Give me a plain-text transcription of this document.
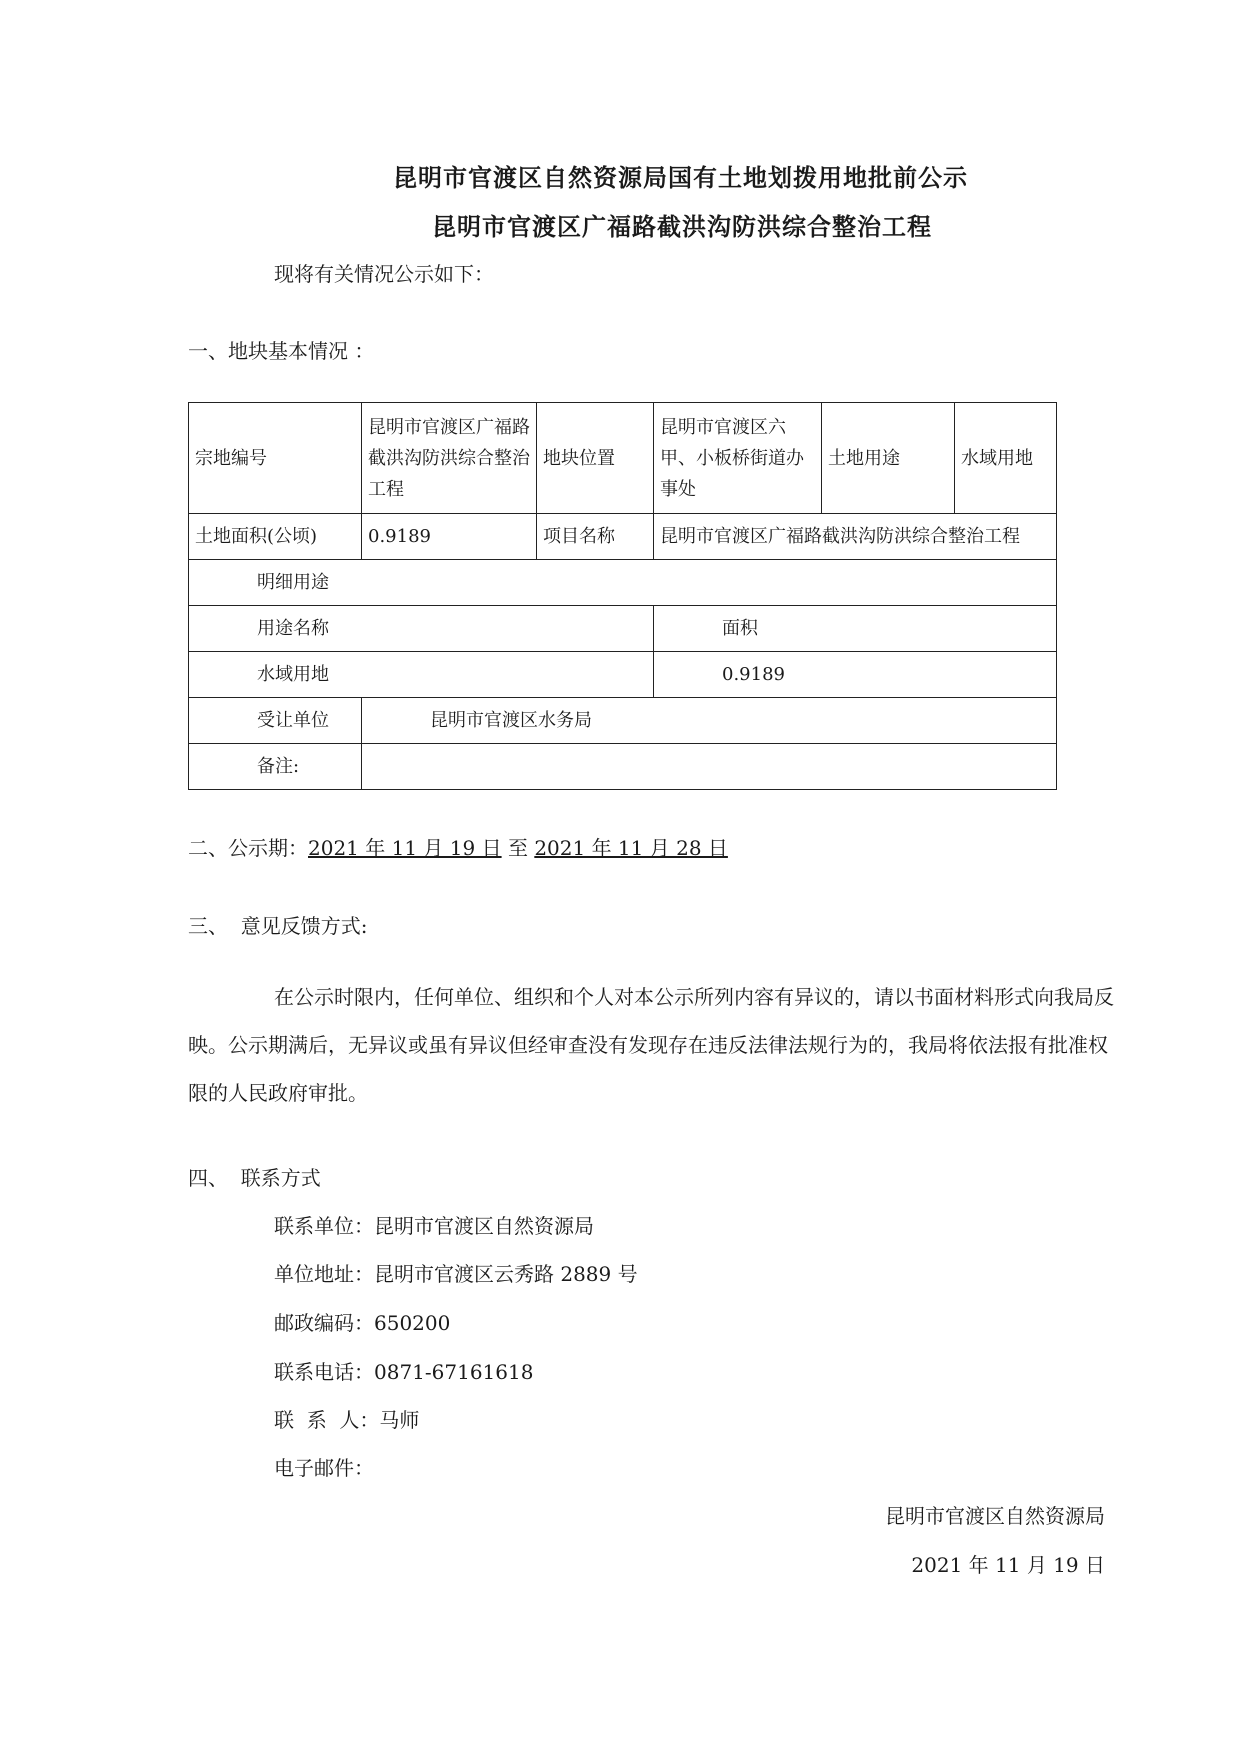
昆明市官渡区自然资源局国有土地划拨用地批前公示
昆明市官渡区广福路截洪沟防洪综合整治工程
现将有关情况公示如下：
一、地块基本情况 ：
宗地编号	昆明市官渡区广福路截洪沟防洪综合整治工程	地块位置	昆明市官渡区六甲、小板桥街道办事处	土地用途	水域用地
土地面积(公顷)	0.9189	项目名称	昆明市官渡区广福路截洪沟防洪综合整治工程		
明细用途					
用途名称			面积		
水域用地			0.9189		
受让单位	昆明市官渡区水务局				
备注:					
二、公示期：2021 年 11 月 19 日 至 2021 年 11 月 28 日
三、  意见反馈方式:
在公示时限内，任何单位、组织和个人对本公示所列内容有异议的，请以书面材料形式向我局反映。公示期满后，无异议或虽有异议但经审查没有发现存在违反法律法规行为的，我局将依法报有批准权限的人民政府审批。
四、  联系方式
联系单位：昆明市官渡区自然资源局
单位地址：昆明市官渡区云秀路 2889 号
邮政编码：650200
联系电话：0871-67161618
联  系  人：马师
电子邮件：
昆明市官渡区自然资源局
2021 年 11 月 19 日
